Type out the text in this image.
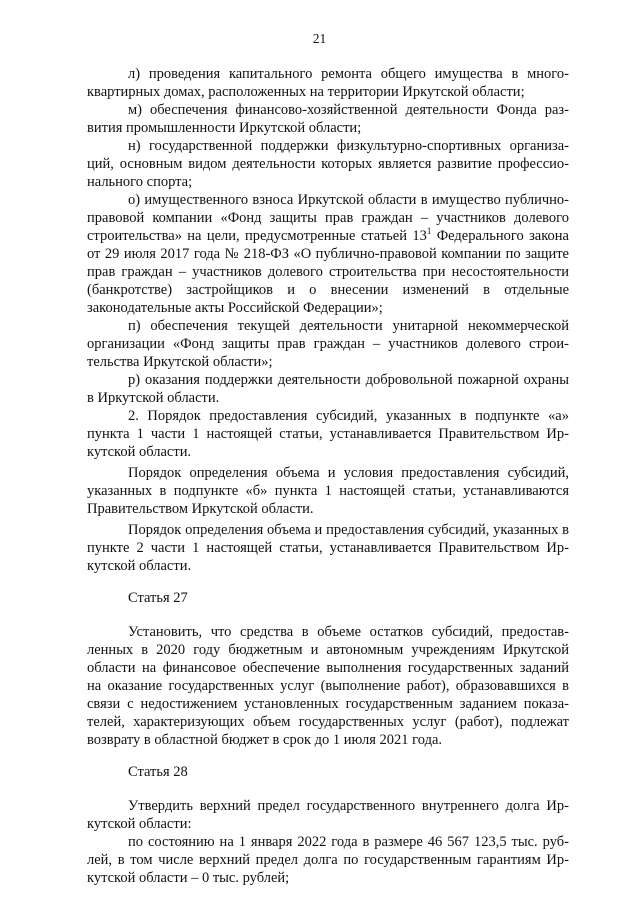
21

л) проведения капитального ремонта общего имущества в многоквартирных домах, расположенных на территории Иркутской области;

м) обеспечения финансово-хозяйственной деятельности Фонда развития промышленности Иркутской области;

н) государственной поддержки физкультурно-спортивных организаций, основным видом деятельности которых является развитие профессионального спорта;

о) имущественного взноса Иркутской области в имущество публично-правовой компании «Фонд защиты прав граждан – участников долевого строительства» на цели, предусмотренные статьей $13^1$ Федерального закона от 29 июля 2017 года № 218-ФЗ «О публично-правовой компании по защите прав граждан – участников долевого строительства при несостоятельности (банкротстве) застройщиков и о внесении изменений в отдельные законодательные акты Российской Федерации»;

п) обеспечения текущей деятельности унитарной некоммерческой организации «Фонд защиты прав граждан – участников долевого строительства Иркутской области»;

р) оказания поддержки деятельности добровольной пожарной охраны в Иркутской области.

2. Порядок предоставления субсидий, указанных в подпункте «а» пункта 1 части 1 настоящей статьи, устанавливается Правительством Иркутской области.

Порядок определения объема и условия предоставления субсидий, указанных в подпункте «б» пункта 1 настоящей статьи, устанавливаются Правительством Иркутской области.

Порядок определения объема и предоставления субсидий, указанных в пункте 2 части 1 настоящей статьи, устанавливается Правительством Иркутской области.

Статья 27

Установить, что средства в объеме остатков субсидий, предоставленных в 2020 году бюджетным и автономным учреждениям Иркутской области на финансовое обеспечение выполнения государственных заданий на оказание государственных услуг (выполнение работ), образовавшихся в связи с недостижением установленных государственным заданием показателей, характеризующих объем государственных услуг (работ), подлежат возврату в областной бюджет в срок до 1 июля 2021 года.

Статья 28

Утвердить верхний предел государственного внутреннего долга Иркутской области:

по состоянию на 1 января 2022 года в размере 46 567 123,5 тыс. рублей, в том числе верхний предел долга по государственным гарантиям Иркутской области – 0 тыс. рублей;
